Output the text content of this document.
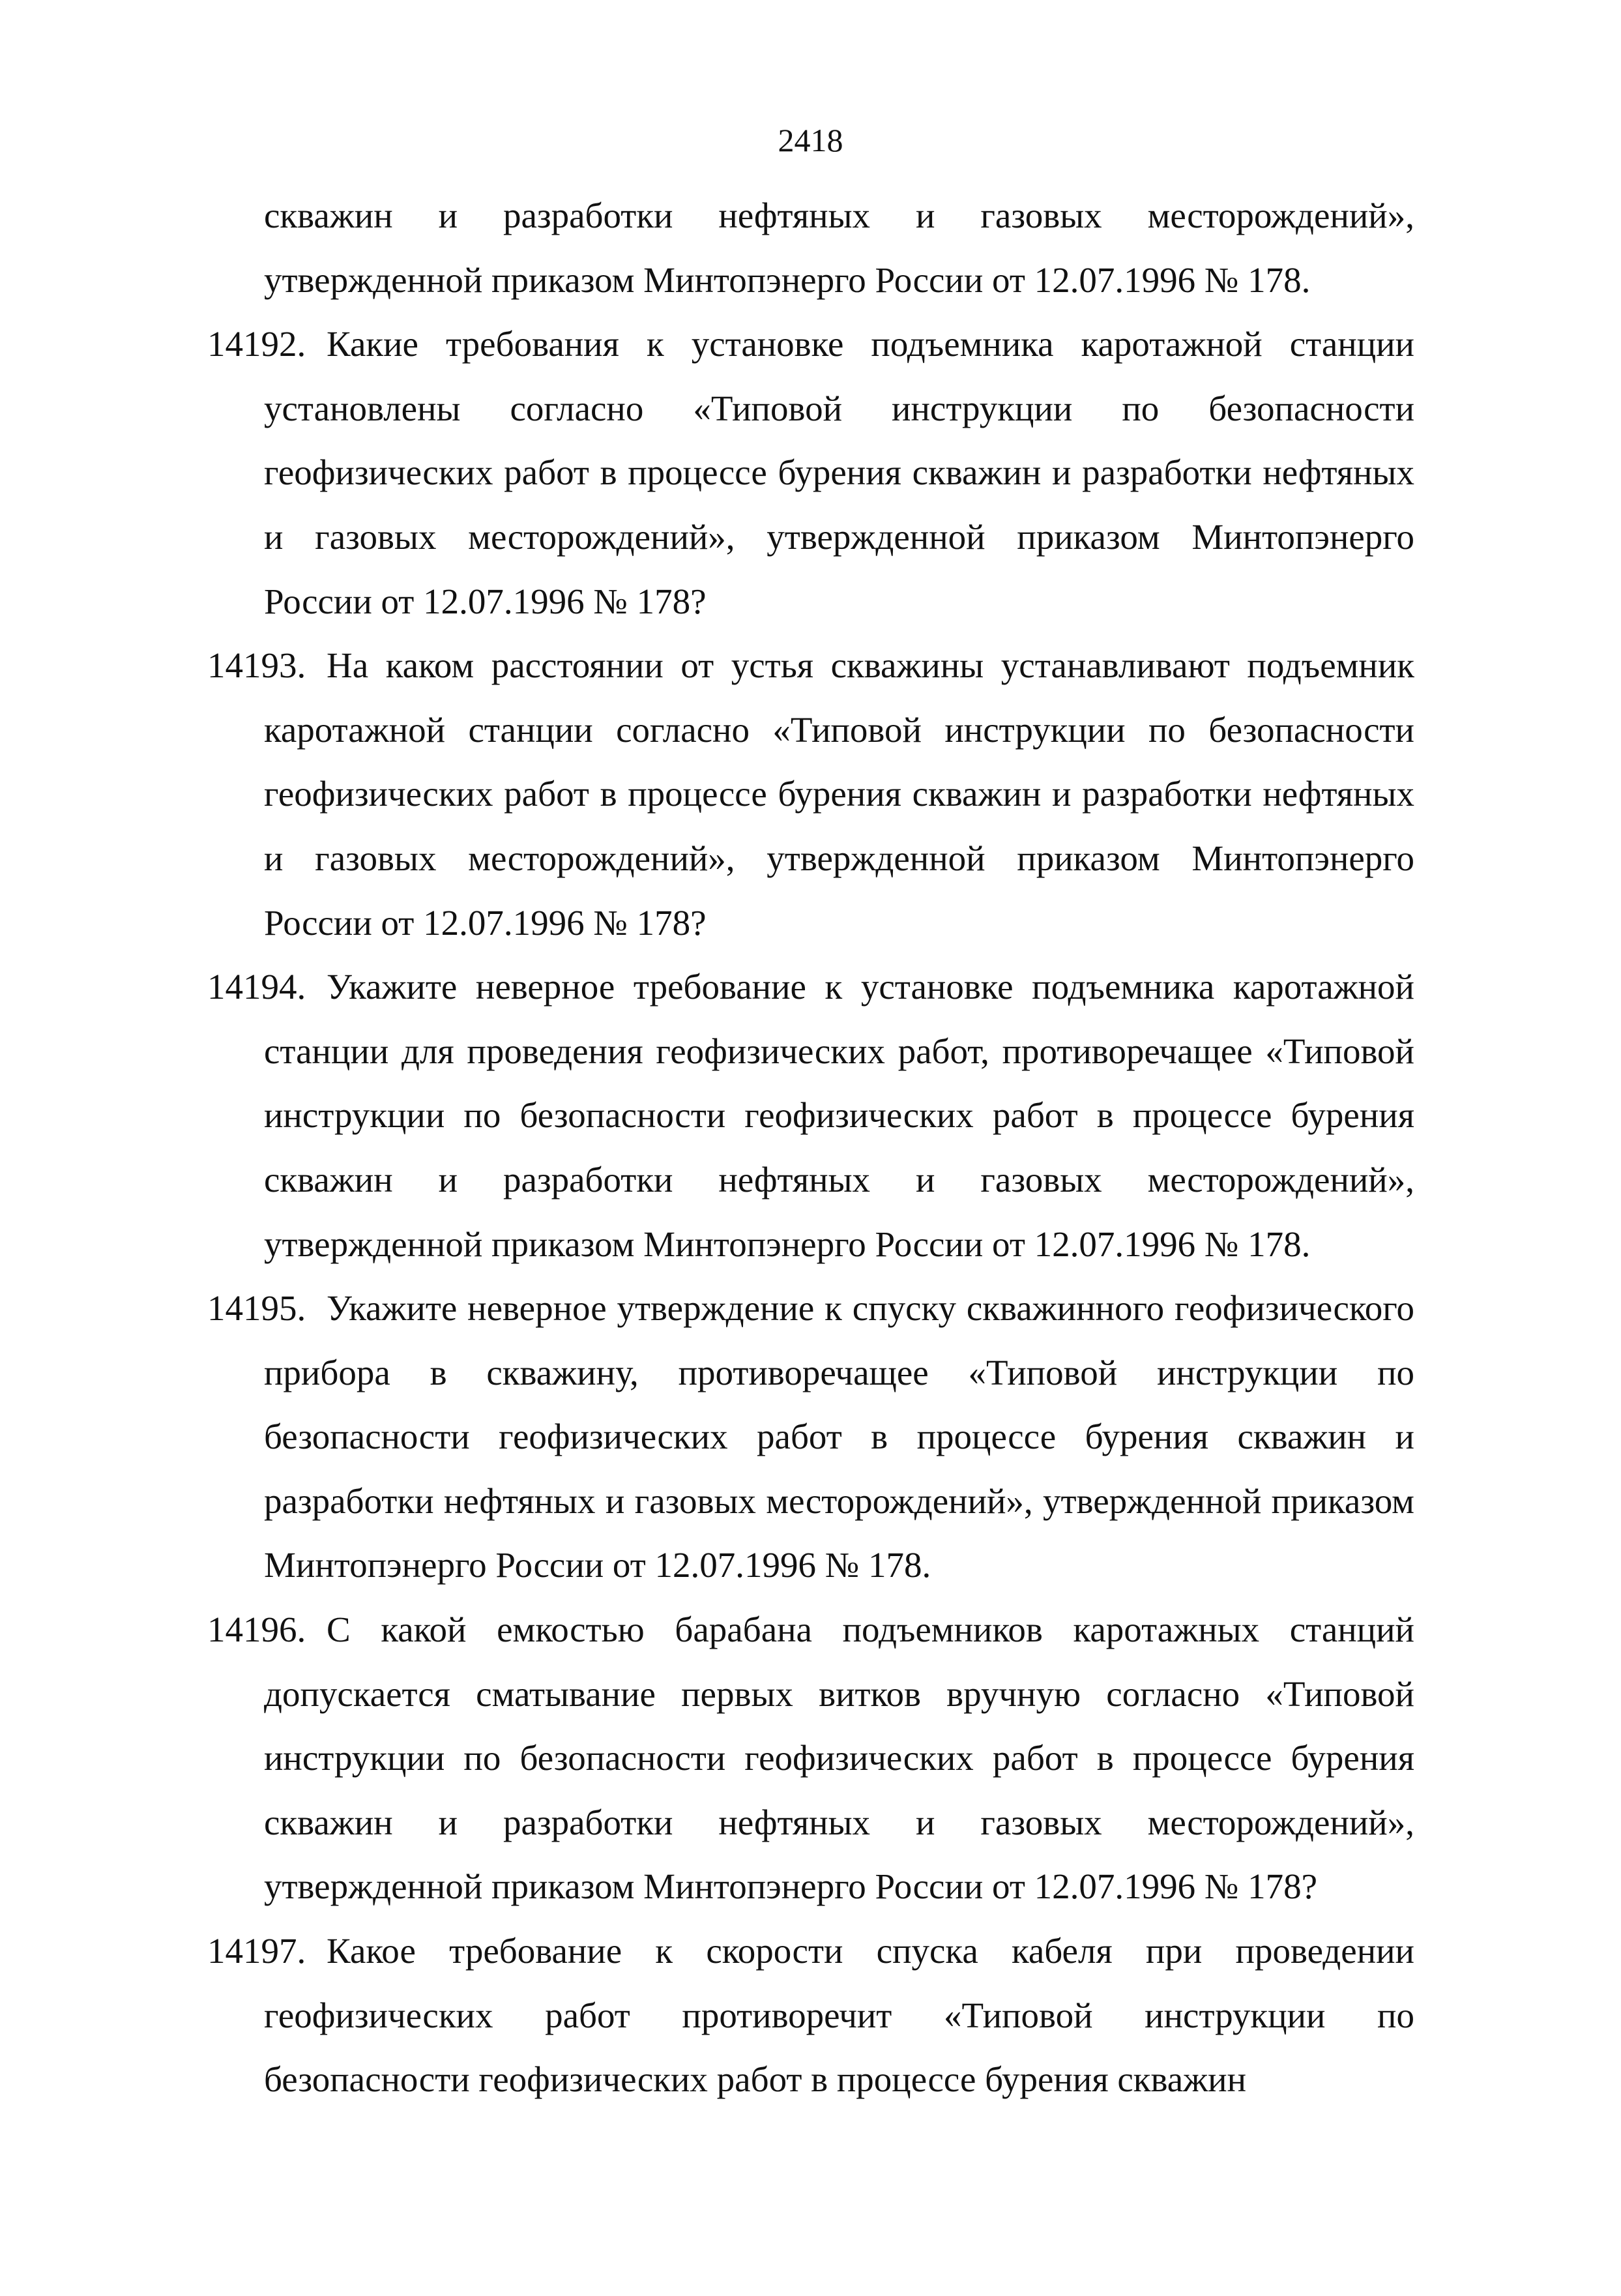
2418
скважин и разработки нефтяных и газовых месторождений», утвержденной приказом Минтопэнерго России от 12.07.1996 № 178.
14192. Какие требования к установке подъемника каротажной станции установлены согласно «Типовой инструкции по безопасности геофизических работ в процессе бурения скважин и разработки нефтяных и газовых месторождений», утвержденной приказом Минтопэнерго России от 12.07.1996 № 178?
14193. На каком расстоянии от устья скважины устанавливают подъемник каротажной станции согласно «Типовой инструкции по безопасности геофизических работ в процессе бурения скважин и разработки нефтяных и газовых месторождений», утвержденной приказом Минтопэнерго России от 12.07.1996 № 178?
14194. Укажите неверное требование к установке подъемника каротажной станции для проведения геофизических работ, противоречащее «Типовой инструкции по безопасности геофизических работ в процессе бурения скважин и разработки нефтяных и газовых месторождений», утвержденной приказом Минтопэнерго России от 12.07.1996 № 178.
14195. Укажите неверное утверждение к спуску скважинного геофизического прибора в скважину, противоречащее «Типовой инструкции по безопасности геофизических работ в процессе бурения скважин и разработки нефтяных и газовых месторождений», утвержденной приказом Минтопэнерго России от 12.07.1996 № 178.
14196. С какой емкостью барабана подъемников каротажных станций допускается сматывание первых витков вручную согласно «Типовой инструкции по безопасности геофизических работ в процессе бурения скважин и разработки нефтяных и газовых месторождений», утвержденной приказом Минтопэнерго России от 12.07.1996 № 178?
14197. Какое требование к скорости спуска кабеля при проведении геофизических работ противоречит «Типовой инструкции по безопасности геофизических работ в процессе бурения скважин
